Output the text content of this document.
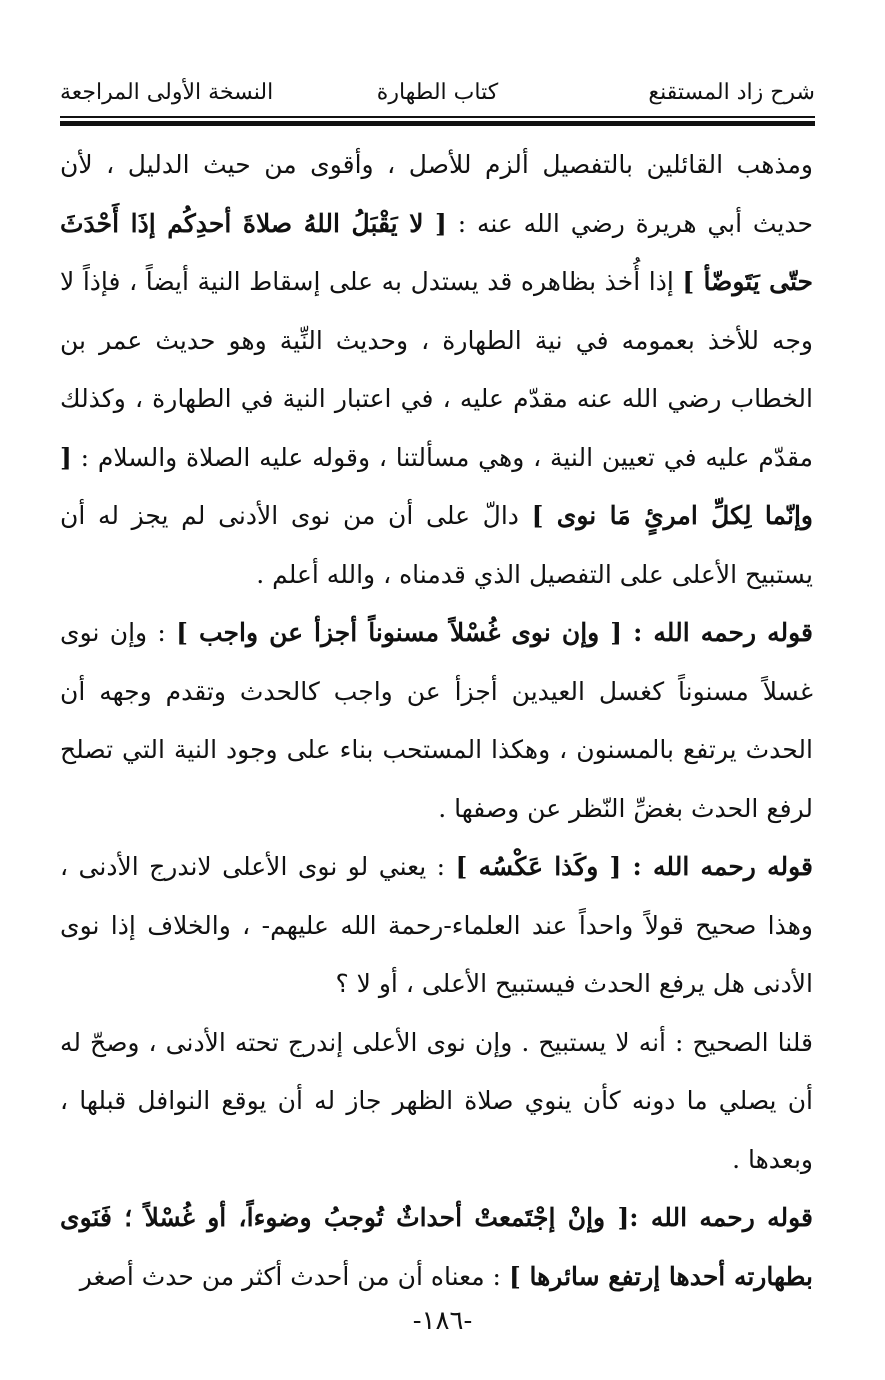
شرح زاد المستقنع
كتاب الطهارة
النسخة الأولى المراجعة

ومذهب القائلين بالتفصيل ألزم للأصل ، وأقوى من حيث الدليل ، لأن حديث أبي هريرة رضي الله عنه : [ لا يَقْبَلُ اللهُ صلاةَ أحدِكُم إذَا أَحْدَثَ حتّى يَتَوضّأ ] إذا أُخذ بظاهره قد يستدل به على إسقاط النية أيضاً ، فإذاً لا وجه للأخذ بعمومه في نية الطهارة ، وحديث النِّية وهو حديث عمر بن الخطاب رضي الله عنه مقدّم عليه ، في اعتبار النية في الطهارة ، وكذلك مقدّم عليه في تعيين النية ، وهي مسألتنا ، وقوله عليه الصلاة والسلام : [ وإنّما لِكلِّ امرئٍ مَا نوى ] دالّ على أن من نوى الأدنى لم يجز له أن يستبيح الأعلى على التفصيل الذي قدمناه ، والله أعلم .

قوله رحمه الله : [ وإن نوى غُسْلاً مسنوناً أجزأ عن واجب ] : وإن نوى غسلاً مسنوناً كغسل العيدين أجزأ عن واجب كالحدث وتقدم وجهه أن الحدث يرتفع بالمسنون ، وهكذا المستحب بناء على وجود النية التي تصلح لرفع الحدث بغضِّ النّظر عن وصفها .

قوله رحمه الله : [ وكَذا عَكْسُه ] : يعني لو نوى الأعلى لاندرج الأدنى ، وهذا صحيح قولاً واحداً عند العلماء-رحمة الله عليهم- ، والخلاف إذا نوى الأدنى هل يرفع الحدث فيستبيح الأعلى ، أو لا ؟

قلنا الصحيح : أنه لا يستبيح . وإن نوى الأعلى إندرج تحته الأدنى ، وصحّ له أن يصلي ما دونه كأن ينوي صلاة الظهر جاز له أن يوقع النوافل قبلها ، وبعدها .

قوله رحمه الله :[ وإنْ إجْتَمعتْ أحداثٌ تُوجبُ وضوءاً، أو غُسْلاً ؛ فَنَوى بطهارته أحدها إرتفع سائرها ] : معناه أن من أحدث أكثر من حدث أصغر

-١٨٦-
